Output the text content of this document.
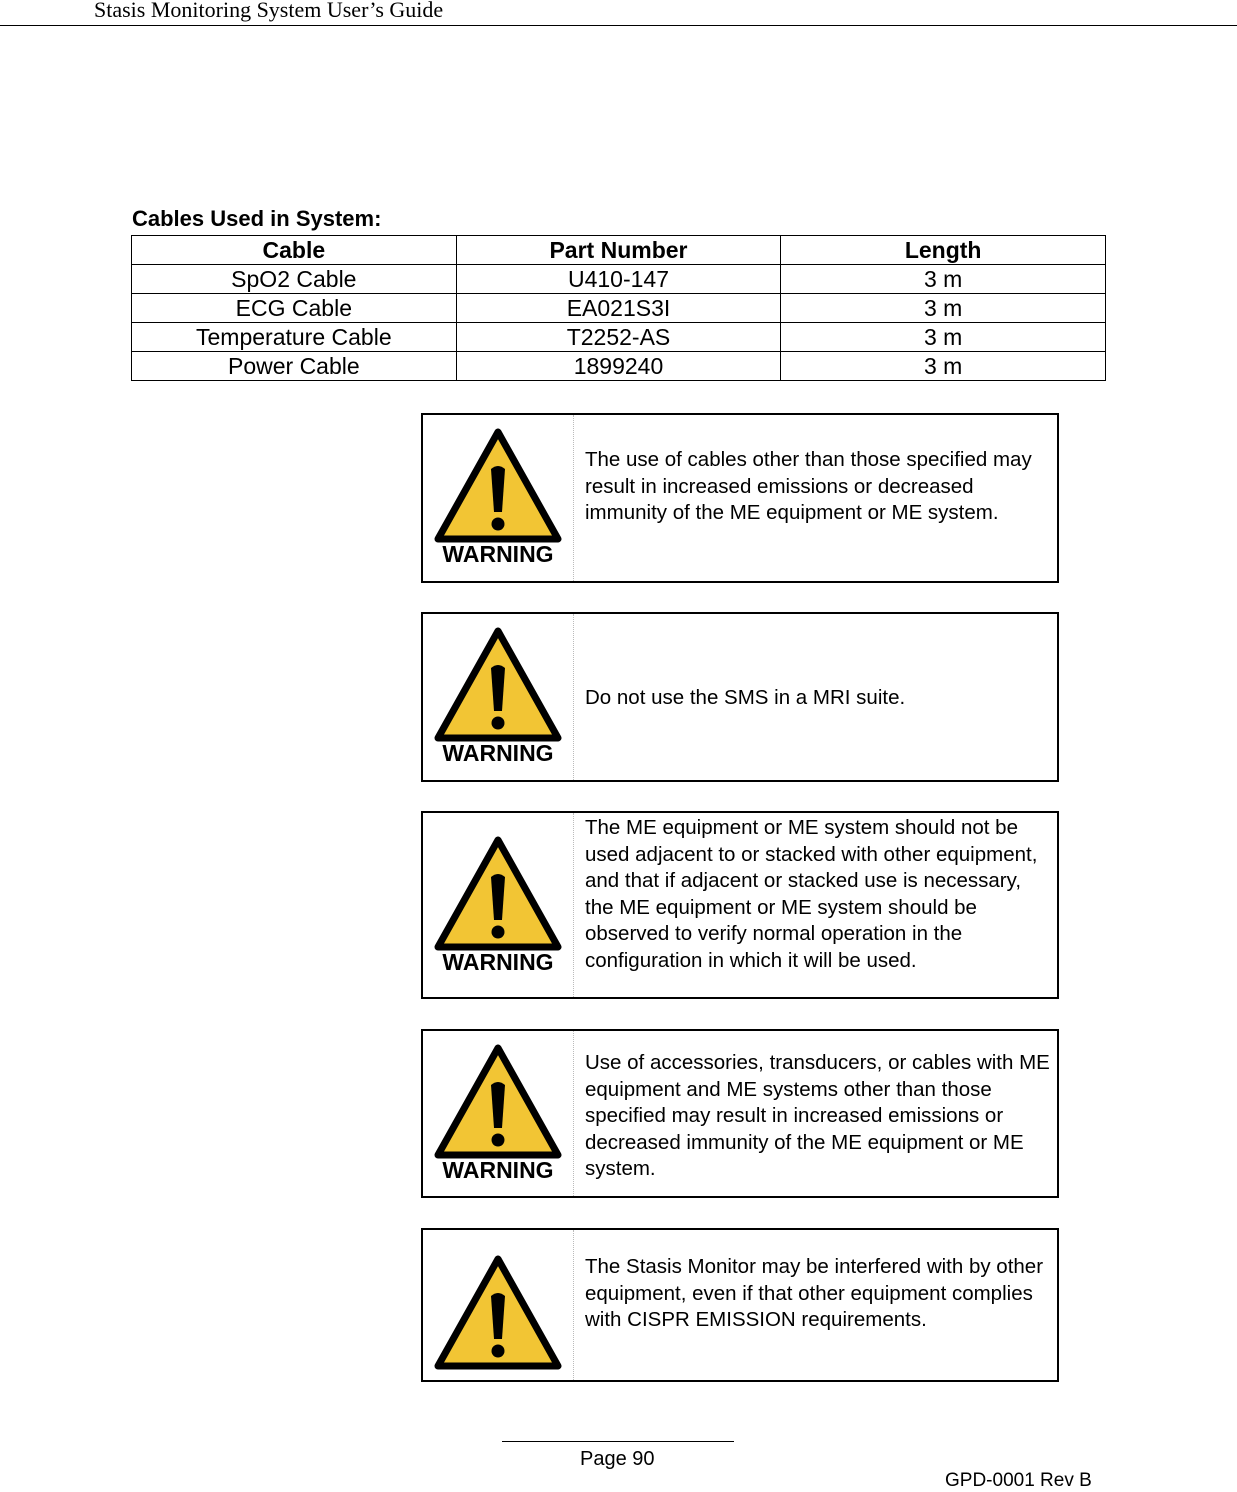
Stasis Monitoring System User’s Guide
Cables Used in System:
Cable	Part Number	Length
SpO2 Cable	U410-147	3 m
ECG Cable	EA021S3I	3 m
Temperature Cable	T2252-AS	3 m
Power Cable	1899240	3 m
WARNING
The use of cables other than those specified may result in increased emissions or decreased immunity of the ME equipment or ME system.
WARNING
Do not use the SMS in a MRI suite.
WARNING
The ME equipment or ME system should not be used adjacent to or stacked with other equipment, and that if adjacent or stacked use is necessary, the ME equipment or ME system should be observed to verify normal operation in the configuration in which it will be used.
WARNING
Use of accessories, transducers, or cables with ME equipment and ME systems other than those specified may result in increased emissions or decreased immunity of the ME equipment or ME system.
The Stasis Monitor may be interfered with by other equipment, even if that other equipment complies with CISPR EMISSION requirements.
Page 90
GPD-0001 Rev B
